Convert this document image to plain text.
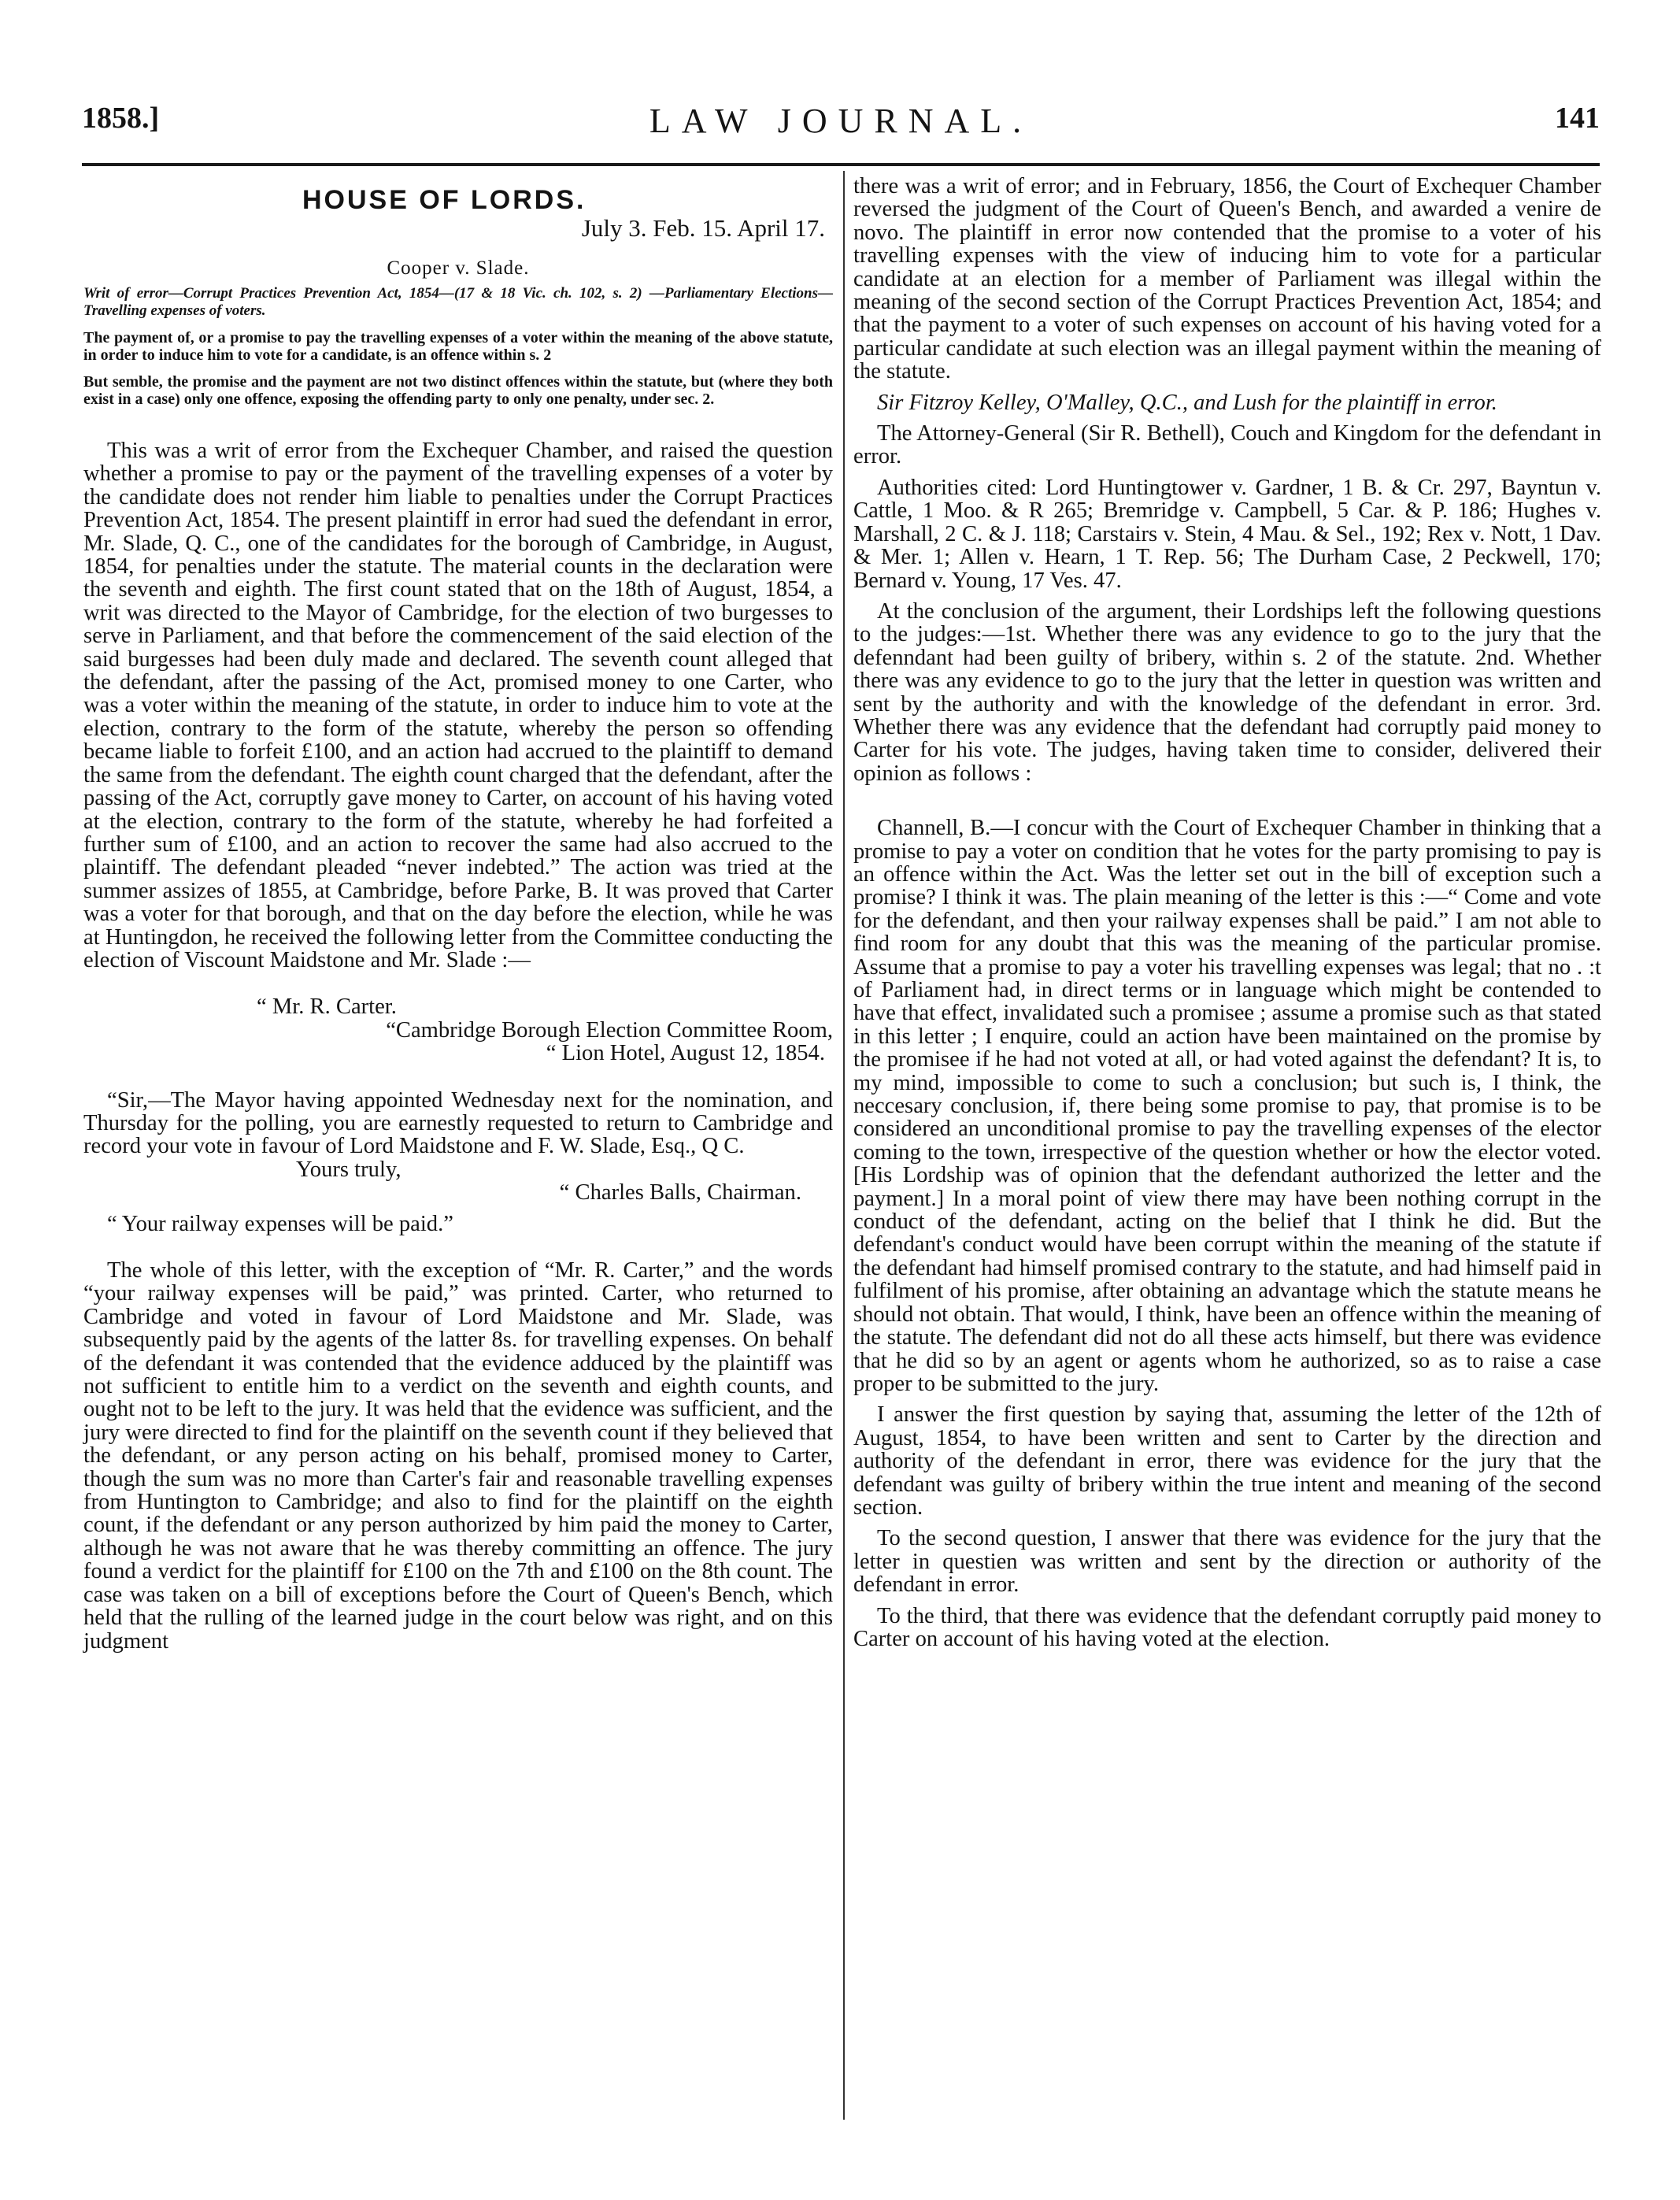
1858.]	LAW JOURNAL.	141

HOUSE OF LORDS.

July 3. Feb. 15. April 17.

Cooper v. Slade.

Writ of error—Corrupt Practices Prevention Act, 1854—(17 & 18 Vic. ch. 102, s. 2) —Parliamentary Elections—Travelling expenses of voters.

The payment of, or a promise to pay the travelling expenses of a voter within the meaning of the above statute, in order to induce him to vote for a candidate, is an offence within s. 2

But semble, the promise and the payment are not two distinct offences within the statute, but (where they both exist in a case) only one offence, exposing the offending party to only one penalty, under sec. 2.

This was a writ of error from the Exchequer Chamber, and raised the question whether a promise to pay or the payment of the travelling expenses of a voter by the candidate does not render him liable to penalties under the Corrupt Practices Prevention Act, 1854. The present plaintiff in error had sued the defendant in error, Mr. Slade, Q. C., one of the candidates for the borough of Cambridge, in August, 1854, for penalties under the statute. The material counts in the declaration were the seventh and eighth. The first count stated that on the 18th of August, 1854, a writ was directed to the Mayor of Cambridge, for the election of two burgesses to serve in Parliament, and that before the commencement of the said election of the said burgesses had been duly made and declared. The seventh count alleged that the defendant, after the passing of the Act, promised money to one Carter, who was a voter within the meaning of the statute, in order to induce him to vote at the election, contrary to the form of the statute, whereby the person so offending became liable to forfeit £100, and an action had accrued to the plaintiff to demand the same from the defendant. The eighth count charged that the defendant, after the passing of the Act, corruptly gave money to Carter, on account of his having voted at the election, contrary to the form of the statute, whereby he had forfeited a further sum of £100, and an action to recover the same had also accrued to the plaintiff. The defendant pleaded “never indebted.” The action was tried at the summer assizes of 1855, at Cambridge, before Parke, B. It was proved that Carter was a voter for that borough, and that on the day before the election, while he was at Huntingdon, he received the following letter from the Committee conducting the election of Viscount Maidstone and Mr. Slade :—

“ Mr. R. Carter.

“Cambridge Borough Election Committee Room,

“ Lion Hotel, August 12, 1854.

“Sir,—The Mayor having appointed Wednesday next for the nomination, and Thursday for the polling, you are earnestly requested to return to Cambridge and record your vote in favour of Lord Maidstone and F. W. Slade, Esq., Q C.

Yours truly,

“ Charles Balls, Chairman.

“ Your railway expenses will be paid.”

The whole of this letter, with the exception of “Mr. R. Carter,” and the words “your railway expenses will be paid,” was printed. Carter, who returned to Cambridge and voted in favour of Lord Maidstone and Mr. Slade, was subsequently paid by the agents of the latter 8s. for travelling expenses. On behalf of the defendant it was contended that the evidence adduced by the plaintiff was not sufficient to entitle him to a verdict on the seventh and eighth counts, and ought not to be left to the jury. It was held that the evidence was sufficient, and the jury were directed to find for the plaintiff on the seventh count if they believed that the defendant, or any person acting on his behalf, promised money to Carter, though the sum was no more than Carter's fair and reasonable travelling expenses from Huntington to Cambridge; and also to find for the plaintiff on the eighth count, if the defendant or any person authorized by him paid the money to Carter, although he was not aware that he was thereby committing an offence. The jury found a verdict for the plaintiff for £100 on the 7th and £100 on the 8th count. The case was taken on a bill of exceptions before the Court of Queen's Bench, which held that the rulling of the learned judge in the court below was right, and on this judgment

there was a writ of error; and in February, 1856, the Court of Exchequer Chamber reversed the judgment of the Court of Queen's Bench, and awarded a venire de novo. The plaintiff in error now contended that the promise to a voter of his travelling expenses with the view of inducing him to vote for a particular candidate at an election for a member of Parliament was illegal within the meaning of the second section of the Corrupt Practices Prevention Act, 1854; and that the payment to a voter of such expenses on account of his having voted for a particular candidate at such election was an illegal payment within the meaning of the statute.

Sir Fitzroy Kelley, O'Malley, Q.C., and Lush for the plaintiff in error.

The Attorney-General (Sir R. Bethell), Couch and Kingdom for the defendant in error.

Authorities cited: Lord Huntingtower v. Gardner, 1 B. & Cr. 297, Bayntun v. Cattle, 1 Moo. & R 265; Bremridge v. Campbell, 5 Car. & P. 186; Hughes v. Marshall, 2 C. & J. 118; Carstairs v. Stein, 4 Mau. & Sel., 192; Rex v. Nott, 1 Dav. & Mer. 1; Allen v. Hearn, 1 T. Rep. 56; The Durham Case, 2 Peckwell, 170; Bernard v. Young, 17 Ves. 47.

At the conclusion of the argument, their Lordships left the following questions to the judges:—1st. Whether there was any evidence to go to the jury that the defenndant had been guilty of bribery, within s. 2 of the statute. 2nd. Whether there was any evidence to go to the jury that the letter in question was written and sent by the authority and with the knowledge of the defendant in error. 3rd. Whether there was any evidence that the defendant had corruptly paid money to Carter for his vote. The judges, having taken time to consider, delivered their opinion as follows :

Channell, B.—I concur with the Court of Exchequer Chamber in thinking that a promise to pay a voter on condition that he votes for the party promising to pay is an offence within the Act. Was the letter set out in the bill of exception such a promise? I think it was. The plain meaning of the letter is this :—“ Come and vote for the defendant, and then your railway expenses shall be paid.” I am not able to find room for any doubt that this was the meaning of the particular promise. Assume that a promise to pay a voter his travelling expenses was legal; that no . :t of Parliament had, in direct terms or in language which might be contended to have that effect, invalidated such a promisee ; assume a promise such as that stated in this letter ; I enquire, could an action have been maintained on the promise by the promisee if he had not voted at all, or had voted against the defendant? It is, to my mind, impossible to come to such a conclusion; but such is, I think, the neccesary conclusion, if, there being some promise to pay, that promise is to be considered an unconditional promise to pay the travelling expenses of the elector coming to the town, irrespective of the question whether or how the elector voted. [His Lordship was of opinion that the defendant authorized the letter and the payment.] In a moral point of view there may have been nothing corrupt in the conduct of the defendant, acting on the belief that I think he did. But the defendant's conduct would have been corrupt within the meaning of the statute if the defendant had himself promised contrary to the statute, and had himself paid in fulfilment of his promise, after obtaining an advantage which the statute means he should not obtain. That would, I think, have been an offence within the meaning of the statute. The defendant did not do all these acts himself, but there was evidence that he did so by an agent or agents whom he authorized, so as to raise a case proper to be submitted to the jury.

I answer the first question by saying that, assuming the letter of the 12th of August, 1854, to have been written and sent to Carter by the direction and authority of the defendant in error, there was evidence for the jury that the defendant was guilty of bribery within the true intent and meaning of the second section.

To the second question, I answer that there was evidence for the jury that the letter in questien was written and sent by the direction or authority of the defendant in error.

To the third, that there was evidence that the defendant corruptly paid money to Carter on account of his having voted at the election.
